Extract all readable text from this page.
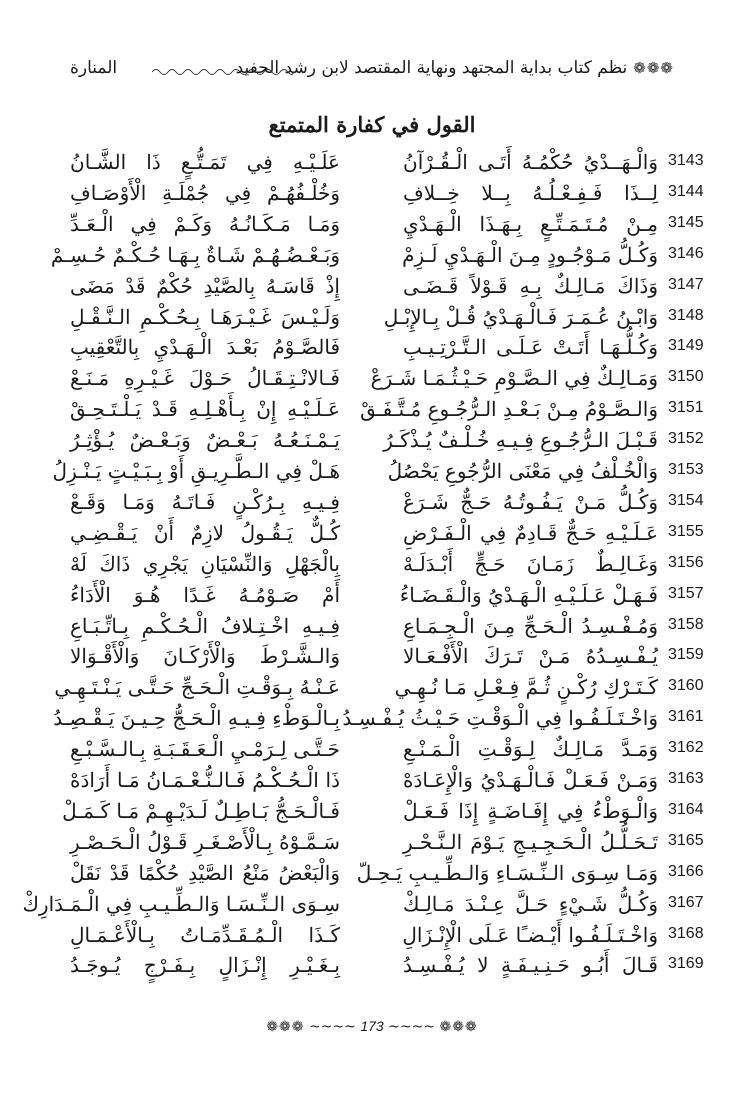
❁❁❁
نظم كتاب بداية المجتهد ونهاية المقتصد لابن رشد الحفيد
المنارة
القول في كفارة المتمتع
3143
وَالْـهَــدْيُ حُكْمُـهُ أَتَـى الْـقُـرْآنُ
عَلَـيْـهِ فِي تَمَـتُّـعٍ ذَا الشَّـانُ
3144
لِــذَا فَـفِـعْـلُـهُ بِــلا خِــلافِ
وَخُلْـفُهُـمْ فِي جُمْلَـةِ الْأَوْصَـافِ
3145
مِـنْ مُـتَـمَـتِّـعٍ بِـهَـذَا الْـهَـدْيِ
وَمَـا مَـكَـانُـهُ وَكَـمْ فِي الْـعَـدِّ
3146
وَكُـلُّ مَـوْجُـودٍ مِـنَ الْـهَـدْيِ لَـزِمْ
وَبَـعْـضُـهُـمْ شَـاةٌ بِـهَـا حُـكْـمٌ حُـسِـمْ
3147
وَذَاكَ مَـالِـكٌ بِـهِ قَـوْلاً قَـضَـى
إِذْ قَاسَـهُ بِالصَّيْدِ حُكْمٌ قَدْ مَضَى
3148
وَابْـنُ عُـمَـرَ فَـالْـهَـدْيُ قُـلْ بِـالإِبْـلِ
وَلَـيْـسَ غَـيْـرَهَـا بِـحُـكْـمِ الـنَّـقْـلِ
3149
وَكُـلُّـهَـا أَتَـتْ عَـلَـى الـتَّـرْتِـيـبِ
فَالصَّـوْمُ بَعْـدَ الْـهَـدْيِ بِالتَّعْقِيبِ
3150
وَمَـالِـكٌ فِي الـصَّـوْمِ حَـيْـثُـمَـا شَـرَعْ
فَـالانْـتِـقَـالُ حَـوْلَ غَـيْـرِهِ مَـنَـعْ
3151
وَالـصَّـوْمُ مِـنْ بَـعْـدِ الـرُّجُـوعِ مُـتَّـفَـقْ
عَـلَـيْـهِ إِنْ بِـأَهْـلِـهِ قَـدْ يَـلْـتَـحِـقْ
3152
قَـبْـلَ الـرُّجُـوعِ فِـيـهِ خُـلْـفٌ يُـذْكَـرُ
يَـمْـنَـعُـهُ بَـعْـضٌ وَبَـعْـضٌ يُـؤْثِـرُ
3153
وَالْخُـلْفُ فِي مَعْنَى الرُّجُوعِ يَحْصُلُ
هَـلْ فِي الـطَّـرِيـقِ أَوْ بِـبَـيْـتٍ يَـنْـزِلُ
3154
وَكُـلُّ مَـنْ يَـفُـوتُـهُ حَـجٌّ شَـرَعْ
فِـيـهِ بِـرُكْـنٍ فَـاتَـهُ وَمَـا وَقَـعْ
3155
عَـلَـيْـهِ حَـجٌّ قَـادِمٌ فِي الْـفَـرْضِ
كُـلٌّ يَـقُـولُ لازِمٌ أَنْ يَـقْـضِـي
3156
وَغَـالِـطٌ زَمَـانَ حَـجٍّ أَبْـدَلَـهْ
بِالْجَهْلِ وَالنِّسْيَانِ يَجْرِي ذَاكَ لَهْ
3157
فَـهَـلْ عَـلَـيْـهِ الْـهَـدْيُ وَالْـقَـضَـاءُ
أَمْ صَـوْمُـهُ غَـدًا هُـوَ الْأَدَاءُ
3158
وَمُـفْـسِـدُ الْـحَـجِّ مِـنَ الْـجِـمَـاعِ
فِـيـهِ اخْـتِـلافُ الْـحُـكْـمِ بِـاتِّـبَـاعِ
3159
يُـفْـسِـدُهُ مَـنْ تَـرَكَ الْأَفْـعَـالا
وَالـشَّـرْطَ وَالْأَرْكَـانَ وَالْأَقْـوَالا
3160
كَـتَـرْكِ رُكْـنٍ ثُـمَّ فِـعْـلِ مَـا نُـهِـي
عَـنْـهُ بِـوَقْـتِ الْـحَـجِّ حَـتَّـى يَـنْـتَـهِـي
3161
وَاخْـتَـلَـفُـوا فِي الْـوَقْـتِ حَـيْـثُ يُـفْـسِـدُ
بِـالْـوَطْءِ فِـيـهِ الْـحَـجُّ حِـيـنَ يَـقْـصِـدُ
3162
وَمَـدَّ مَـالِـكٌ لِـوَقْـتِ الْـمَـنْـعِ
حَـتَّـى لِـرَمْـيِ الْـعَـقَـبَـةِ بِـالـسَّـبْـعِ
3163
وَمَـنْ فَـعَـلْ فَـالْـهَـدْيُ وَالْإِعَـادَهْ
ذَا الْـحُـكْـمُ فَـالـنُّـعْـمَـانُ مَـا أَرَادَهْ
3164
وَالْـوَطْءُ فِي إِفَـاضَـةٍ إِذَا فَـعَـلْ
فَـالْـحَـجُّ بَـاطِـلٌ لَـدَيْـهِـمْ مَـا كَـمَـلْ
3165
تَـحَـلُّـلُ الْـحَـجِـيـجِ يَـوْمَ الـنَّـحْـرِ
سَـمَّـوْهُ بِـالْأَصْـغَـرِ قَـوْلُ الْـحَـصْـرِ
3166
وَمَـا سِـوَى الـنِّـسَـاءِ وَالـطِّـيـبِ يَـحِـلّ
وَالْبَعْضُ مَنْعُ الصَّيْدِ حُكْمًا قَدْ نَقَلْ
3167
وَكُـلُّ شَـيْءٍ حَـلَّ عِـنْـدَ مَـالِـكْ
سِـوَى الـنِّـسَـا وَالـطِّـيـبِ فِي الْـمَـدَارِكْ
3168
وَاخْـتَـلَـفُـوا أَيْـضـًا عَـلَى الْإِنْـزَالِ
كَـذَا الْـمُـقَـدِّمَـاتُ بِـالْأَعْـمَـالِ
3169
قَـالَ أَبُـو حَـنِـيـفَـةٍ لا يُـفْـسِـدُ
بِـغَـيْـرِ إِنْـزَالٍ بِـفَـرْجٍ يُـوجَـدُ
❁❁❁ ~~~~ 173 ~~~~ ❁❁❁
